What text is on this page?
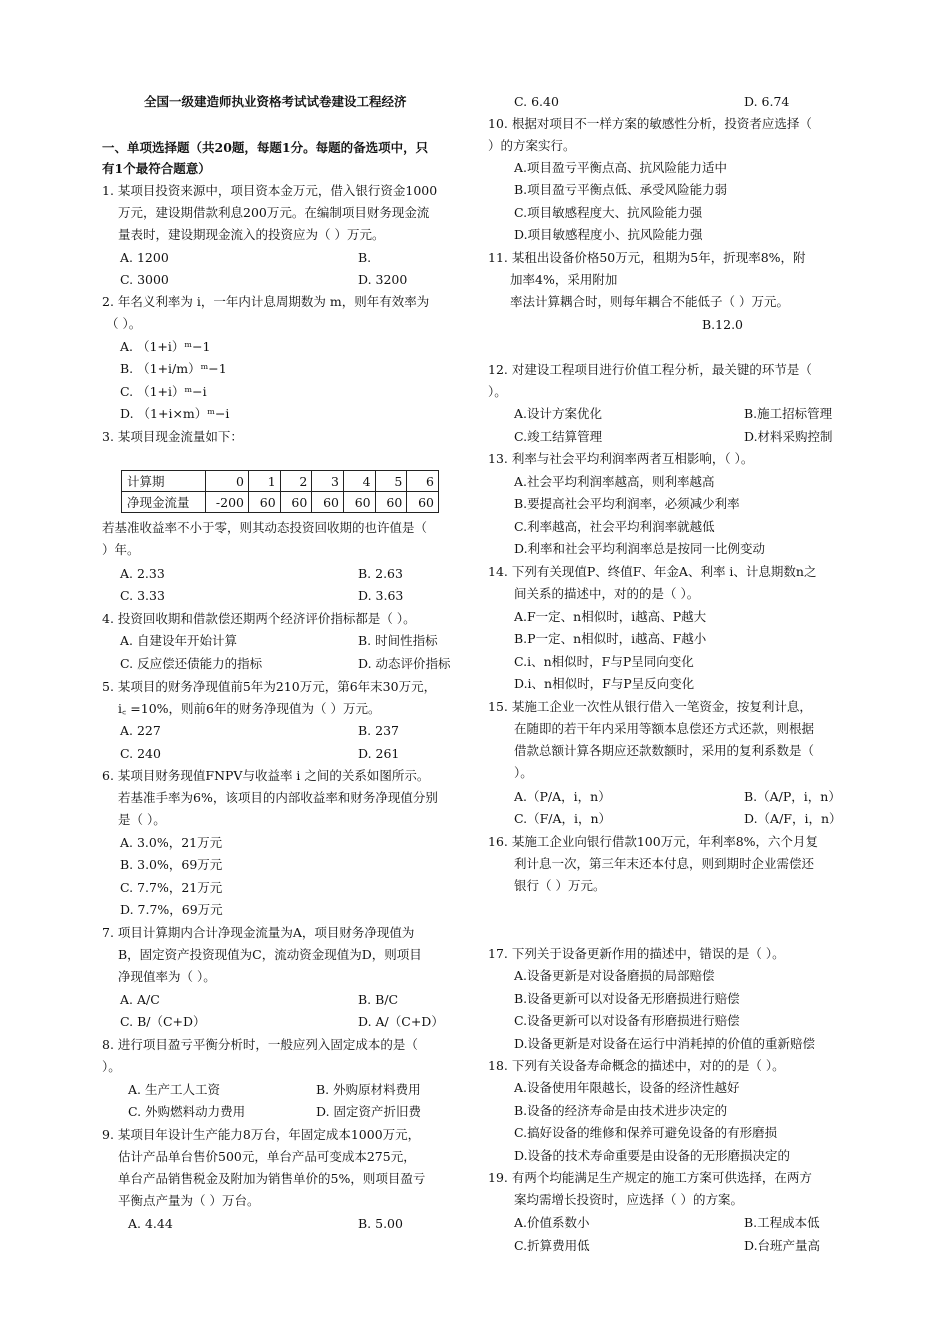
全国一级建造师执业资格考试试卷建设工程经济
一、单项选择题（共20题，每题1分。每题的备选项中，只
有1个最符合题意）
1. 某项目投资来源中，项目资本金万元，借入银行资金1000
万元，建设期借款利息200万元。在编制项目财务现金流
量表时，建设期现金流入的投资应为（ ）万元。
A. 1200	B.
C. 3000	D. 3200
2. 年名义利率为 i，一年内计息周期数为 m，则年有效率为
（ ）。
A. （1+i）ᵐ−1
B. （1+i/m）ᵐ−1
C. （1+i）ᵐ−i
D. （1+i×m）ᵐ−i
3. 某项目现金流量如下：
计算期	0	1	2	3	4	5	6
净现金流量	-200	60	60	60	60	60	60
若基准收益率不小于零，则其动态投资回收期的也许值是（
）年。
A. 2.33	B. 2.63
C. 3.33	D. 3.63
4. 投资回收期和借款偿还期两个经济评价指标都是（ ）。
A. 自建设年开始计算	B. 时间性指标
C. 反应偿还债能力的指标	D. 动态评价指标
5. 某项目的财务净现值前5年为210万元，第6年末30万元，
i꜀ =10%，则前6年的财务净现值为（ ）万元。
A. 227	B. 237
C. 240	D. 261
6. 某项目财务现值FNPV与收益率 i 之间的关系如图所示。
若基准手率为6%，该项目的内部收益率和财务净现值分别
是（ ）。
A. 3.0%，21万元
B. 3.0%，69万元
C. 7.7%，21万元
D. 7.7%，69万元
7. 项目计算期内合计净现金流量为A，项目财务净现值为
B，固定资产投资现值为C，流动资金现值为D，则项目
净现值率为（ ）。
A. A/C	B. B/C
C. B/（C+D）	D. A/（C+D）
8. 进行项目盈亏平衡分析时，一般应列入固定成本的是（
）。
A. 生产工人工资	B. 外购原材料费用
C. 外购燃料动力费用	D. 固定资产折旧费
9. 某项目年设计生产能力8万台，年固定成本1000万元，
估计产品单台售价500元，单台产品可变成本275元，
单台产品销售税金及附加为销售单价的5%，则项目盈亏
平衡点产量为（ ）万台。
A. 4.44	B. 5.00
C. 6.40	D. 6.74
10. 根据对项目不一样方案的敏感性分析，投资者应选择（
）的方案实行。
A.项目盈亏平衡点高、抗风险能力适中
B.项目盈亏平衡点低、承受风险能力弱
C.项目敏感程度大、抗风险能力强
D.项目敏感程度小、抗风险能力强
11. 某租出设备价格50万元，租期为5年，折现率8%，附
加率4%，采用附加
率法计算耦合时，则每年耦合不能低子（ ）万元。
B.12.0
12. 对建设工程项目进行价值工程分析，最关键的环节是（
）。
A.设计方案优化	B.施工招标管理
C.竣工结算管理	D.材料采购控制
13. 利率与社会平均利润率两者互相影响，（ ）。
A.社会平均利润率越高，则利率越高
B.要提高社会平均利润率，必须减少利率
C.利率越高，社会平均利润率就越低
D.利率和社会平均利润率总是按同一比例变动
14. 下列有关现值P、终值F、年金A、利率 i、计息期数n之
间关系的描述中，对的的是（ ）。
A.F一定、n相似时，i越高、P越大
B.P一定、n相似时，i越高、F越小
C.i、n相似时，F与P呈同向变化
D.i、n相似时，F与P呈反向变化
15. 某施工企业一次性从银行借入一笔资金，按复利计息，
在随即的若干年内采用等额本息偿还方式还款，则根据
借款总额计算各期应还款数额时，采用的复利系数是（
）。
A.（P/A，i，n）	B.（A/P，i，n）
C.（F/A，i，n）	D.（A/F，i，n）
16. 某施工企业向银行借款100万元，年利率8%，六个月复
利计息一次，第三年末还本付息，则到期时企业需偿还
银行（ ）万元。
17. 下列关于设备更新作用的描述中，错误的是（ ）。
A.设备更新是对设备磨损的局部赔偿
B.设备更新可以对设备无形磨损进行赔偿
C.设备更新可以对设备有形磨损进行赔偿
D.设备更新是对设备在运行中消耗掉的价值的重新赔偿
18. 下列有关设备寿命概念的描述中，对的的是（ ）。
A.设备使用年限越长，设备的经济性越好
B.设备的经济寿命是由技术进步决定的
C.搞好设备的维修和保养可避免设备的有形磨损
D.设备的技术寿命重要是由设备的无形磨损决定的
19. 有两个均能满足生产规定的施工方案可供选择，在两方
案均需增长投资时，应选择（ ）的方案。
A.价值系数小	B.工程成本低
C.折算费用低	D.台班产量高
